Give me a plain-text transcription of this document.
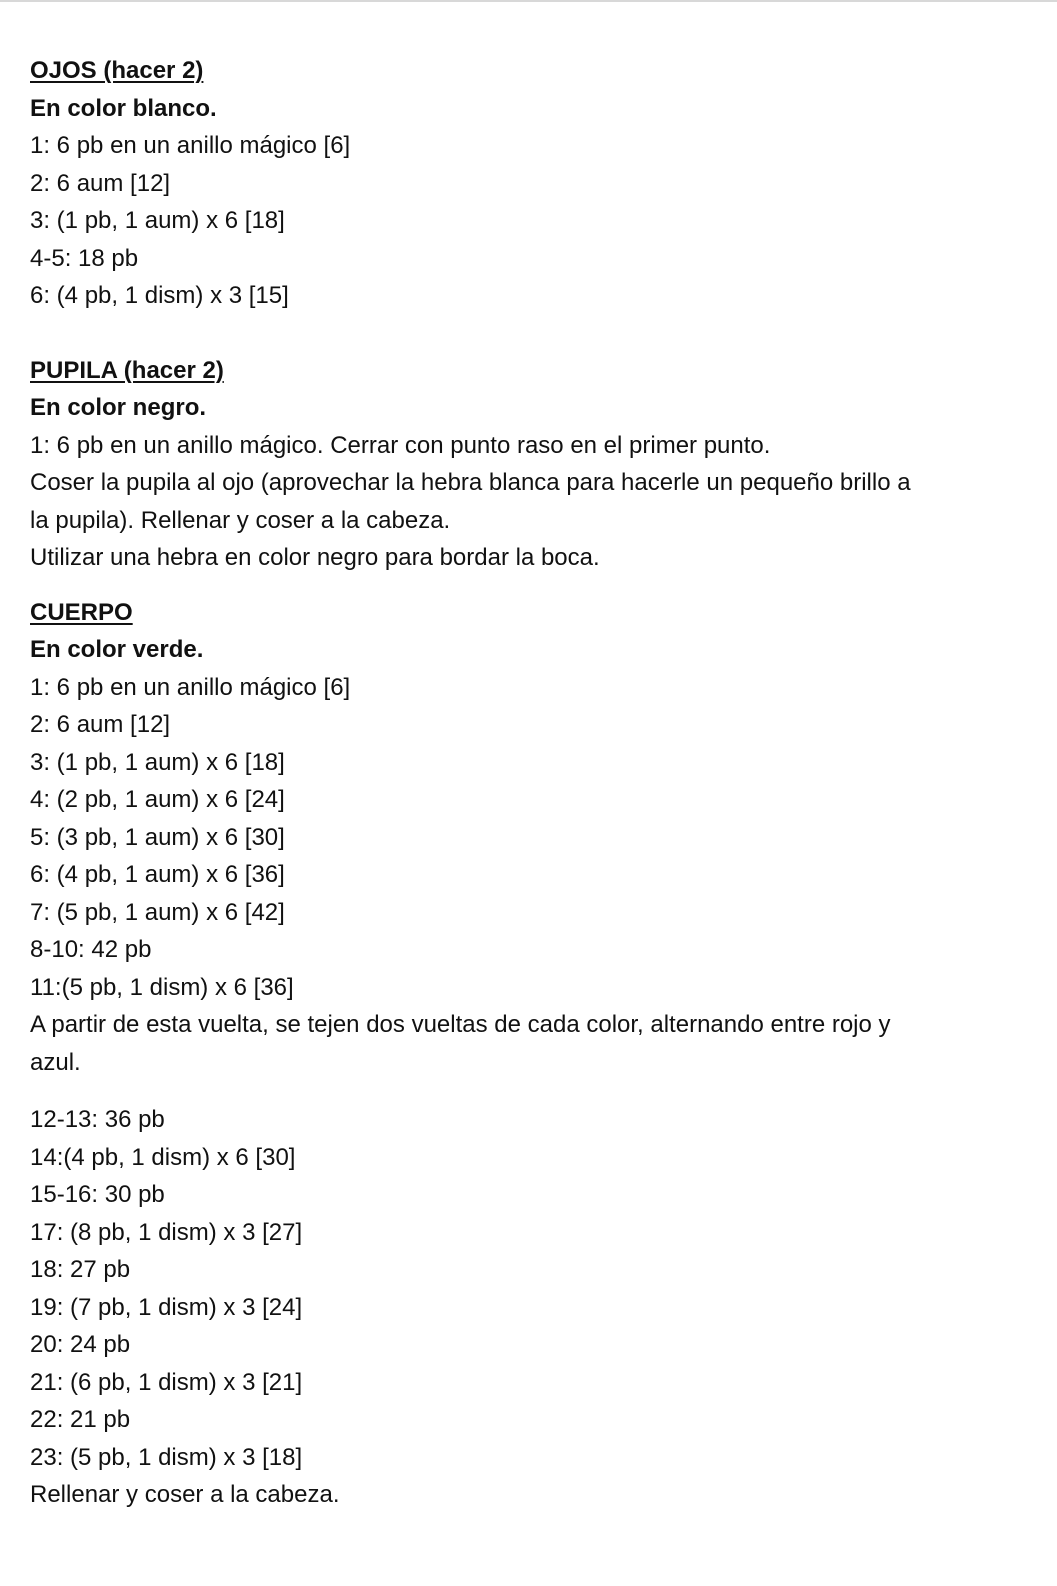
OJOS (hacer 2)

En color blanco.

1: 6 pb en un anillo mágico [6]

2: 6 aum [12]

3: (1 pb, 1 aum) x 6 [18]

4-5: 18 pb

6: (4 pb, 1 dism) x 3 [15]

PUPILA (hacer 2)

En color negro.

1: 6 pb en un anillo mágico. Cerrar con punto raso en el primer punto.

Coser la pupila al ojo (aprovechar la hebra blanca para hacerle un pequeño brillo a

la pupila). Rellenar y coser a la cabeza.

Utilizar una hebra en color negro para bordar la boca.

CUERPO

En color verde.

1: 6 pb en un anillo mágico [6]

2: 6 aum [12]

3: (1 pb, 1 aum) x 6 [18]

4: (2 pb, 1 aum) x 6 [24]

5: (3 pb, 1 aum) x 6 [30]

6: (4 pb, 1 aum) x 6 [36]

7: (5 pb, 1 aum) x 6 [42]

8-10: 42 pb

11:(5 pb, 1 dism) x 6 [36]

A partir de esta vuelta, se tejen dos vueltas de cada color, alternando entre rojo y

azul.

12-13: 36 pb

14:(4 pb, 1 dism) x 6 [30]

15-16: 30 pb

17: (8 pb, 1 dism) x 3 [27]

18: 27 pb

19: (7 pb, 1 dism) x 3 [24]

20: 24 pb

21: (6 pb, 1 dism) x 3 [21]

22: 21 pb

23: (5 pb, 1 dism) x 3 [18]

Rellenar y coser a la cabeza.
